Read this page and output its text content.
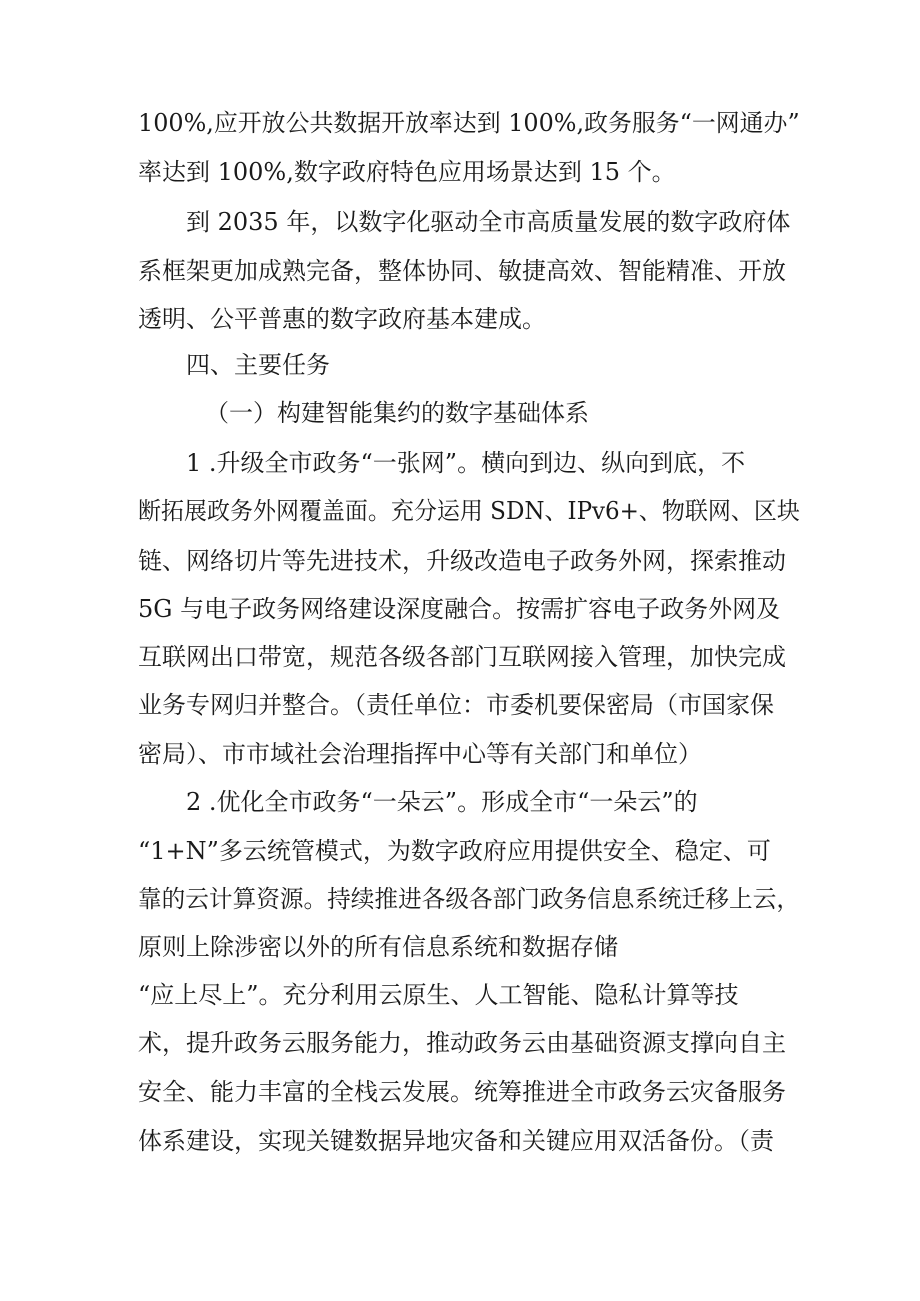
100%,应开放公共数据开放率达到 100%,政务服务“一网通办”

率达到 100%,数字政府特色应用场景达到 15 个。

到 2035 年，以数字化驱动全市高质量发展的数字政府体

系框架更加成熟完备，整体协同、敏捷高效、智能精准、开放

透明、公平普惠的数字政府基本建成。

四、主要任务

（一）构建智能集约的数字基础体系

1 .升级全市政务“一张网”。横向到边、纵向到底，不

断拓展政务外网覆盖面。充分运用 SDN、IPv6+、物联网、区块

链、网络切片等先进技术，升级改造电子政务外网，探索推动

5G 与电子政务网络建设深度融合。按需扩容电子政务外网及

互联网出口带宽，规范各级各部门互联网接入管理，加快完成

业务专网归并整合。（责任单位：市委机要保密局（市国家保

密局）、市市域社会治理指挥中心等有关部门和单位）

2 .优化全市政务“一朵云”。形成全市“一朵云”的

“1+N”多云统管模式，为数字政府应用提供安全、稳定、可

靠的云计算资源。持续推进各级各部门政务信息系统迁移上云，

原则上除涉密以外的所有信息系统和数据存储

“应上尽上”。充分利用云原生、人工智能、隐私计算等技

术，提升政务云服务能力，推动政务云由基础资源支撑向自主

安全、能力丰富的全栈云发展。统筹推进全市政务云灾备服务

体系建设，实现关键数据异地灾备和关键应用双活备份。（责
